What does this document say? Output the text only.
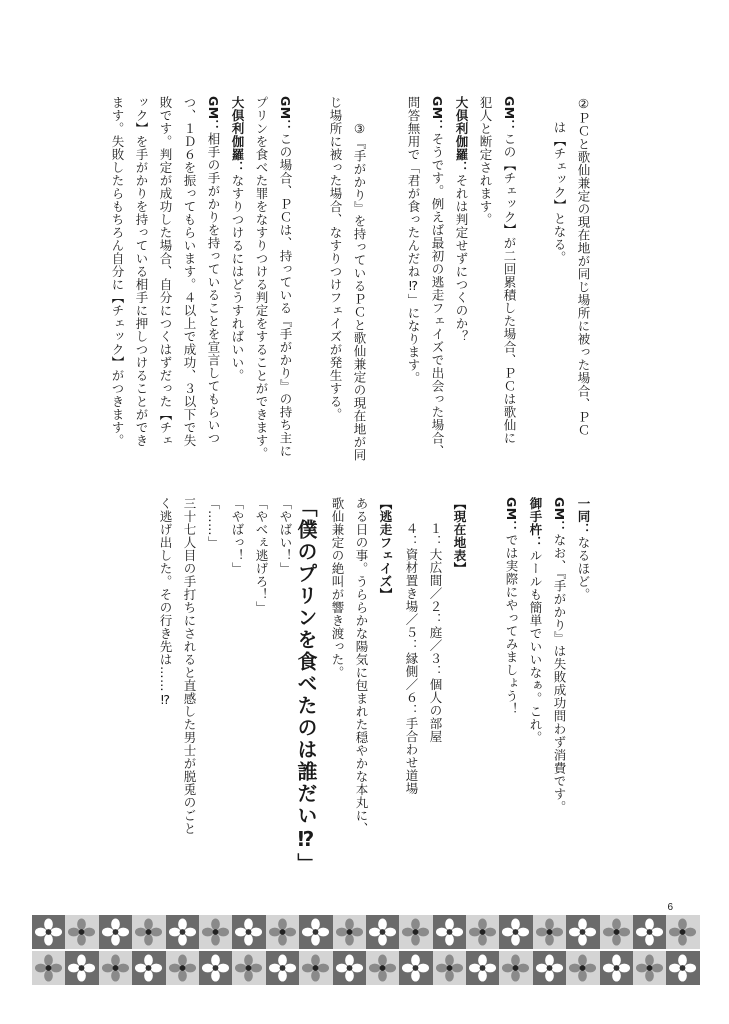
②ＰＣと歌仙兼定の現在地が同じ場所に被った場合、ＰＣ
は【チェック】となる。
GM：この【チェック】が二回累積した場合、ＰＣは歌仙に
犯人と断定されます。
大倶利伽羅：それは判定せずにつくのか？
GM：そうです。例えば最初の逃走フェイズで出会った場合、
問答無用で「君が食ったんだね⁉」になります。
③『手がかり』を持っているＰＣと歌仙兼定の現在地が同
じ場所に被った場合、なすりつけフェイズが発生する。
GM：この場合、ＰＣは、持っている『手がかり』の持ち主に
プリンを食べた罪をなすりつける判定をすることができます。
大倶利伽羅：なすりつけるにはどうすればいい。
GM：相手の手がかりを持っていることを宣言してもらいつ
つ、１Ｄ６を振ってもらいます。４以上で成功、３以下で失
敗です。判定が成功した場合、自分につくはずだった【チェ
ック】を手がかりを持っている相手に押しつけることができ
ます。失敗したらもちろん自分に【チェック】がつきます。
一同：なるほど。
GM：なお、『手がかり』は失敗成功問わず消費です。
御手杵：ルールも簡単でいいなぁ。これ。
GM：では実際にやってみましょう！
【現在地表】
１：大広間／２：庭／３：個人の部屋
４：資材置き場／５：縁側／６：手合わせ道場
【逃走フェイズ】
ある日の事。うららかな陽気に包まれた穏やかな本丸に、
歌仙兼定の絶叫が響き渡った。
「僕のプリンを食べたのは誰だい⁉」
「やばい！」
「やべぇ逃げろ！」
「やばっ！」
「……」
三十七人目の手打ちにされると直感した男士が脱兎のごと
く逃げ出した。その行き先は……⁉
6
